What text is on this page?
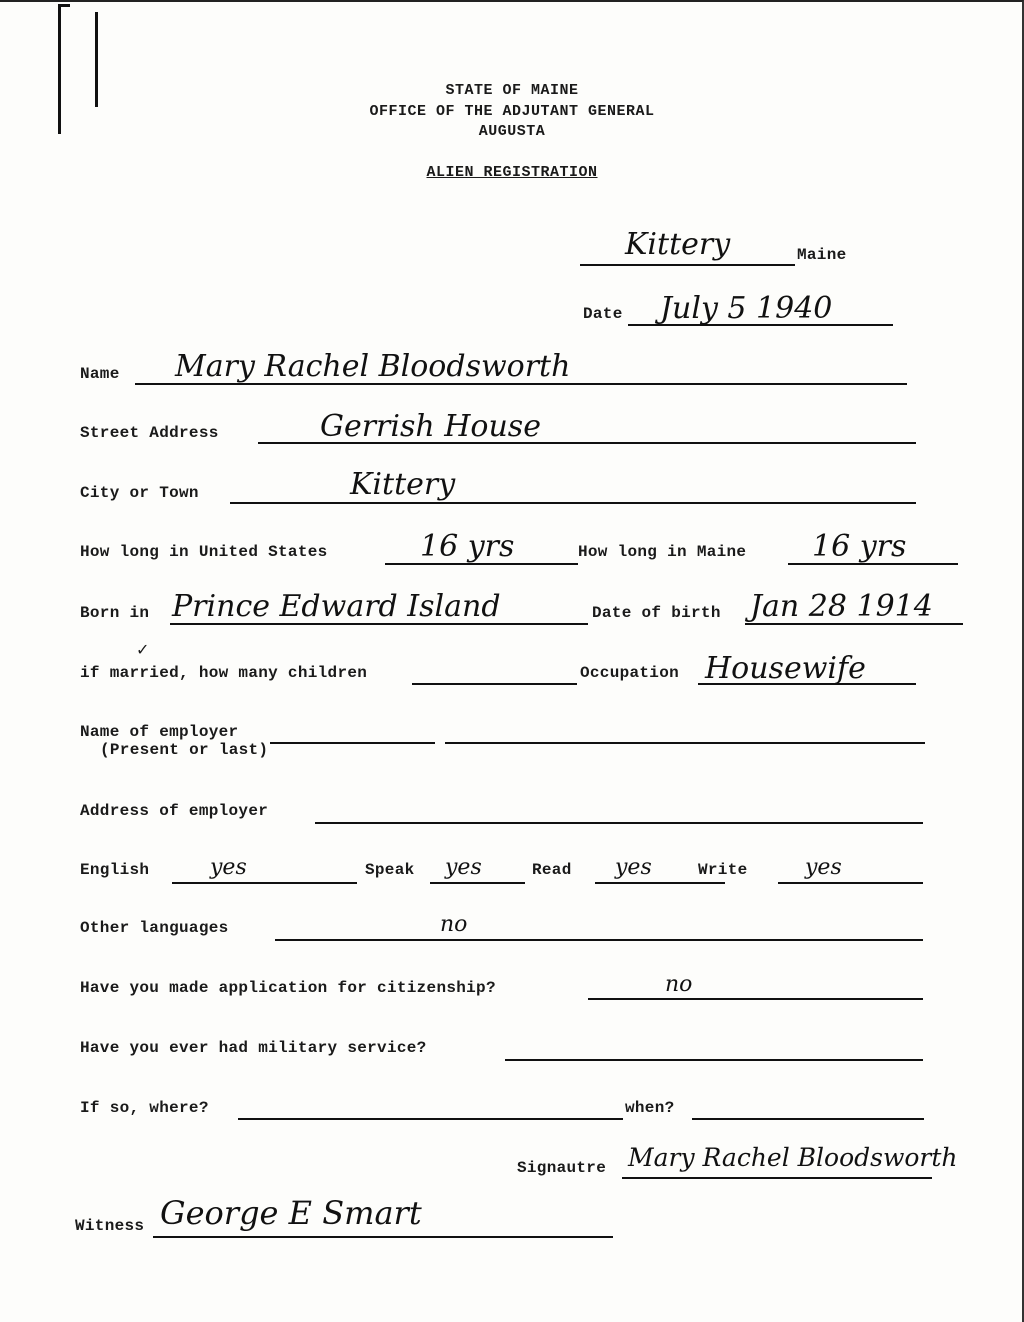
STATE OF MAINE
OFFICE OF THE ADJUTANT GENERAL
AUGUSTA
ALIEN REGISTRATION
Kittery	Maine
Date July 5 1940
Name Mary Rachel Bloodsworth
Street Address	Gerrish House
City or Town	Kittery
How long in United States	16 yrs	How long in Maine 16 yrs
Born in Prince Edward Island	Date of birth Jan 28 1914
✓
if married, how many children	Occupation Housewife
Name of employer
(Present or last)
Address of employer
English	yes	Speak yes	Read yes	Write	yes
Other languages	no
Have you made application for citizenship?	no
Have you ever had military service?
If so, where?	when?
Signautre Mary Rachel Bloodsworth
Witness George E Smart
